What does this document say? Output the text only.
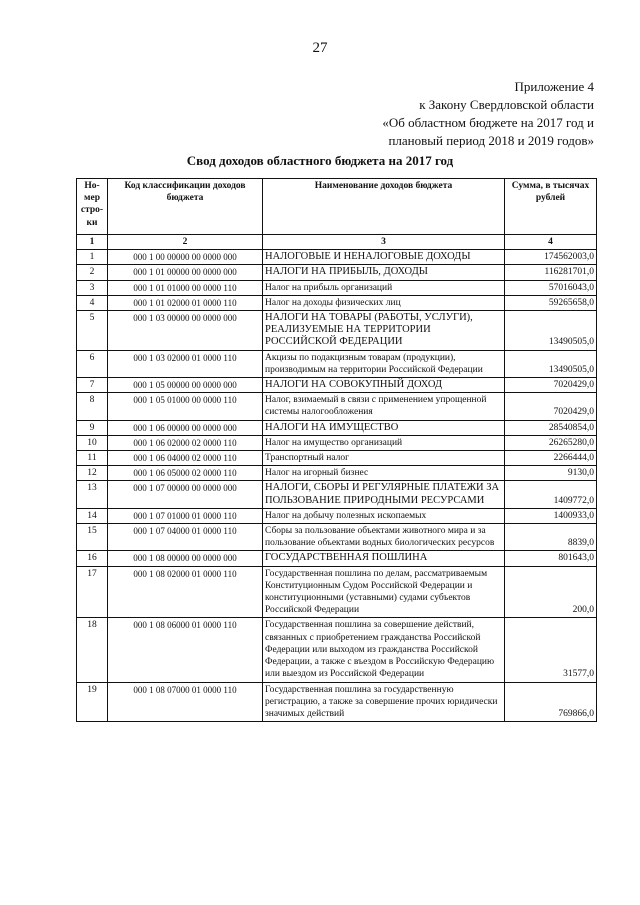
27
Приложение 4
к Закону Свердловской области
«Об областном бюджете на 2017 год и
плановый период 2018 и 2019 годов»
Свод доходов областного бюджета на 2017 год
Но-мер стро-ки	Код классификации доходов бюджета	Наименование доходов бюджета	Сумма, в тысячах рублей
1	2	3	4
1	000 1 00 00000 00 0000 000	НАЛОГОВЫЕ И НЕНАЛОГОВЫЕ ДОХОДЫ	174562003,0
2	000 1 01 00000 00 0000 000	НАЛОГИ НА ПРИБЫЛЬ, ДОХОДЫ	116281701,0
3	000 1 01 01000 00 0000 110	Налог на прибыль организаций	57016043,0
4	000 1 01 02000 01 0000 110	Налог на доходы физических лиц	59265658,0
5	000 1 03 00000 00 0000 000	НАЛОГИ НА ТОВАРЫ (РАБОТЫ, УСЛУГИ), РЕАЛИЗУЕМЫЕ НА ТЕРРИТОРИИ РОССИЙСКОЙ ФЕДЕРАЦИИ	13490505,0
6	000 1 03 02000 01 0000 110	Акцизы по подакцизным товарам (продукции), производимым на территории Российской Федерации	13490505,0
7	000 1 05 00000 00 0000 000	НАЛОГИ НА СОВОКУПНЫЙ ДОХОД	7020429,0
8	000 1 05 01000 00 0000 110	Налог, взимаемый в связи с применением упрощенной системы налогообложения	7020429,0
9	000 1 06 00000 00 0000 000	НАЛОГИ НА ИМУЩЕСТВО	28540854,0
10	000 1 06 02000 02 0000 110	Налог на имущество организаций	26265280,0
11	000 1 06 04000 02 0000 110	Транспортный налог	2266444,0
12	000 1 06 05000 02 0000 110	Налог на игорный бизнес	9130,0
13	000 1 07 00000 00 0000 000	НАЛОГИ, СБОРЫ И РЕГУЛЯРНЫЕ ПЛАТЕЖИ ЗА ПОЛЬЗОВАНИЕ ПРИРОДНЫМИ РЕСУРСАМИ	1409772,0
14	000 1 07 01000 01 0000 110	Налог на добычу полезных ископаемых	1400933,0
15	000 1 07 04000 01 0000 110	Сборы за пользование объектами животного мира и за пользование объектами водных биологических ресурсов	8839,0
16	000 1 08 00000 00 0000 000	ГОСУДАРСТВЕННАЯ ПОШЛИНА	801643,0
17	000 1 08 02000 01 0000 110	Государственная пошлина по делам, рассматриваемым Конституционным Судом Российской Федерации и конституционными (уставными) судами субъектов Российской Федерации	200,0
18	000 1 08 06000 01 0000 110	Государственная пошлина за совершение действий, связанных с приобретением гражданства Российской Федерации или выходом из гражданства Российской Федерации, а также с въездом в Российскую Федерацию или выездом из Российской Федерации	31577,0
19	000 1 08 07000 01 0000 110	Государственная пошлина за государственную регистрацию, а также за совершение прочих юридически значимых действий	769866,0
